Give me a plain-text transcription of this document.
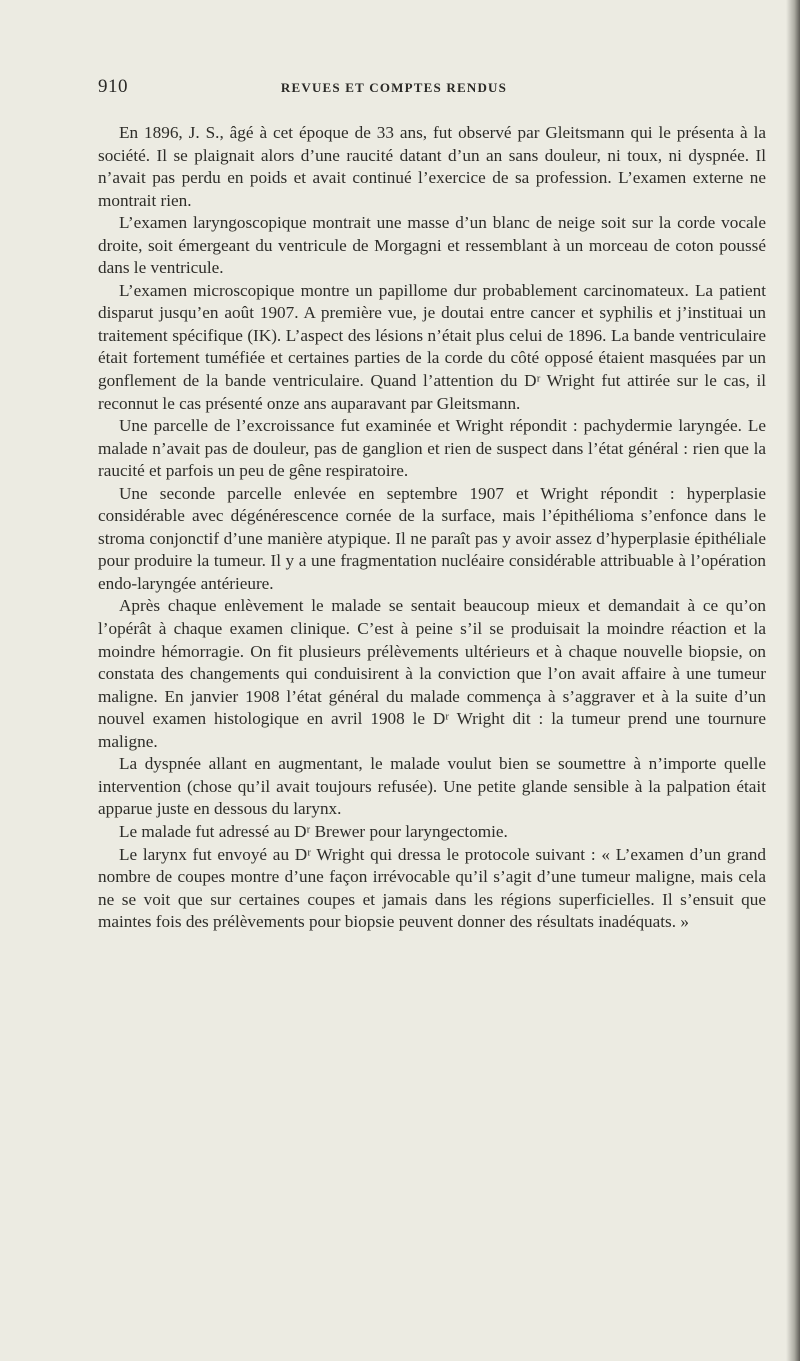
910	REVUES ET COMPTES RENDUS

En 1896, J. S., âgé à cet époque de 33 ans, fut observé par Gleitsmann qui le présenta à la société. Il se plaignait alors d’une raucité datant d’un an sans douleur, ni toux, ni dyspnée. Il n’avait pas perdu en poids et avait continué l’exercice de sa profession. L’examen externe ne montrait rien.

L’examen laryngoscopique montrait une masse d’un blanc de neige soit sur la corde vocale droite, soit émergeant du ventricule de Morgagni et ressemblant à un morceau de coton poussé dans le ventricule.

L’examen microscopique montre un papillome dur probablement carcinomateux. La patient disparut jusqu’en août 1907. A première vue, je doutai entre cancer et syphilis et j’instituai un traitement spécifique (IK). L’aspect des lésions n’était plus celui de 1896. La bande ventriculaire était fortement tuméfiée et certaines parties de la corde du côté opposé étaient masquées par un gonflement de la bande ventriculaire. Quand l’attention du Dʳ Wright fut attirée sur le cas, il reconnut le cas présenté onze ans auparavant par Gleitsmann.

Une parcelle de l’excroissance fut examinée et Wright répondit : pachydermie laryngée. Le malade n’avait pas de douleur, pas de ganglion et rien de suspect dans l’état général : rien que la raucité et parfois un peu de gêne respiratoire.

Une seconde parcelle enlevée en septembre 1907 et Wright répondit : hyperplasie considérable avec dégénérescence cornée de la surface, mais l’épithélioma s’enfonce dans le stroma conjonctif d’une manière atypique. Il ne paraît pas y avoir assez d’hyperplasie épithéliale pour produire la tumeur. Il y a une fragmentation nucléaire considérable attribuable à l’opération endo-laryngée antérieure.

Après chaque enlèvement le malade se sentait beaucoup mieux et demandait à ce qu’on l’opérât à chaque examen clinique. C’est à peine s’il se produisait la moindre réaction et la moindre hémorragie. On fit plusieurs prélèvements ultérieurs et à chaque nouvelle biopsie, on constata des changements qui conduisirent à la conviction que l’on avait affaire à une tumeur maligne. En janvier 1908 l’état général du malade commença à s’aggraver et à la suite d’un nouvel examen histologique en avril 1908 le Dʳ Wright dit : la tumeur prend une tournure maligne.

La dyspnée allant en augmentant, le malade voulut bien se soumettre à n’importe quelle intervention (chose qu’il avait toujours refusée). Une petite glande sensible à la palpation était apparue juste en dessous du larynx.

Le malade fut adressé au Dʳ Brewer pour laryngectomie.

Le larynx fut envoyé au Dʳ Wright qui dressa le protocole suivant : « L’examen d’un grand nombre de coupes montre d’une façon irrévocable qu’il s’agit d’une tumeur maligne, mais cela ne se voit que sur certaines coupes et jamais dans les régions superficielles. Il s’ensuit que maintes fois des prélèvements pour biopsie peuvent donner des résultats inadéquats. »
